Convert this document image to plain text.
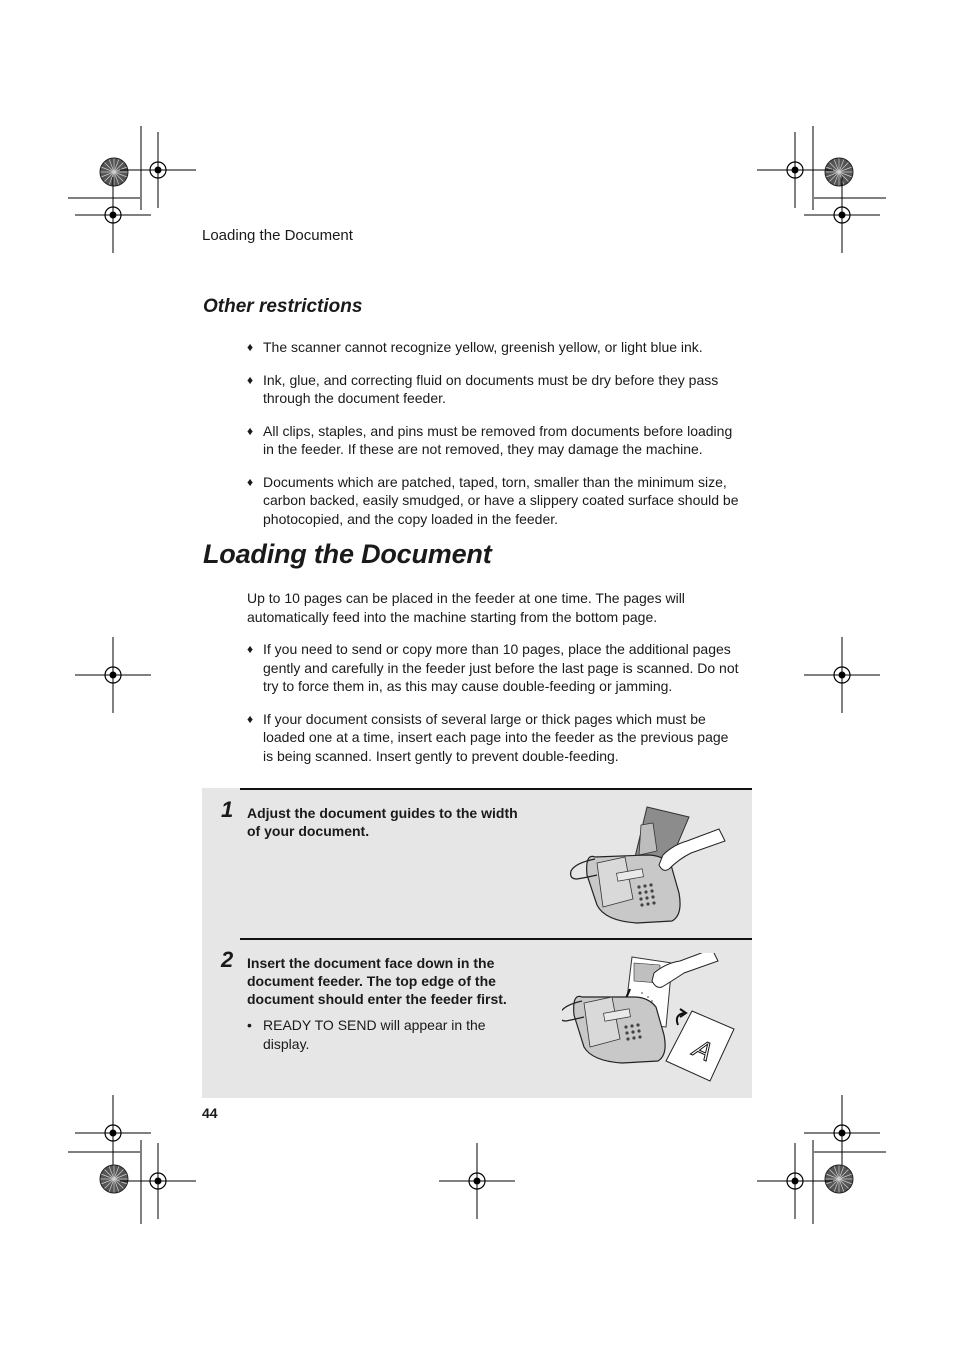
Loading the Document
Other restrictions
♦ The scanner cannot recognize yellow, greenish yellow, or light blue ink.
♦ Ink, glue, and correcting fluid on documents must be dry before they pass through the document feeder.
♦ All clips, staples, and pins must be removed from documents before loading in the feeder. If these are not removed, they may damage the machine.
♦ Documents which are patched, taped, torn, smaller than the minimum size, carbon backed, easily smudged, or have a slippery coated surface should be photocopied, and the copy loaded in the feeder.
Loading the Document

Up to 10 pages can be placed in the feeder at one time. The pages will automatically feed into the machine starting from the bottom page.

♦ If you need to send or copy more than 10 pages, place the additional pages gently and carefully in the feeder just before the last page is scanned. Do not try to force them in, as this may cause double-feeding or jamming.
♦ If your document consists of several large or thick pages which must be loaded one at a time, insert each page into the feeder as the previous page is being scanned. Insert gently to prevent double-feeding.
1 Adjust the document guides to the width of your document.
2 Insert the document face down in the document feeder. The top edge of the document should enter the feeder first.
• READY TO SEND will appear in the display.	A
44
